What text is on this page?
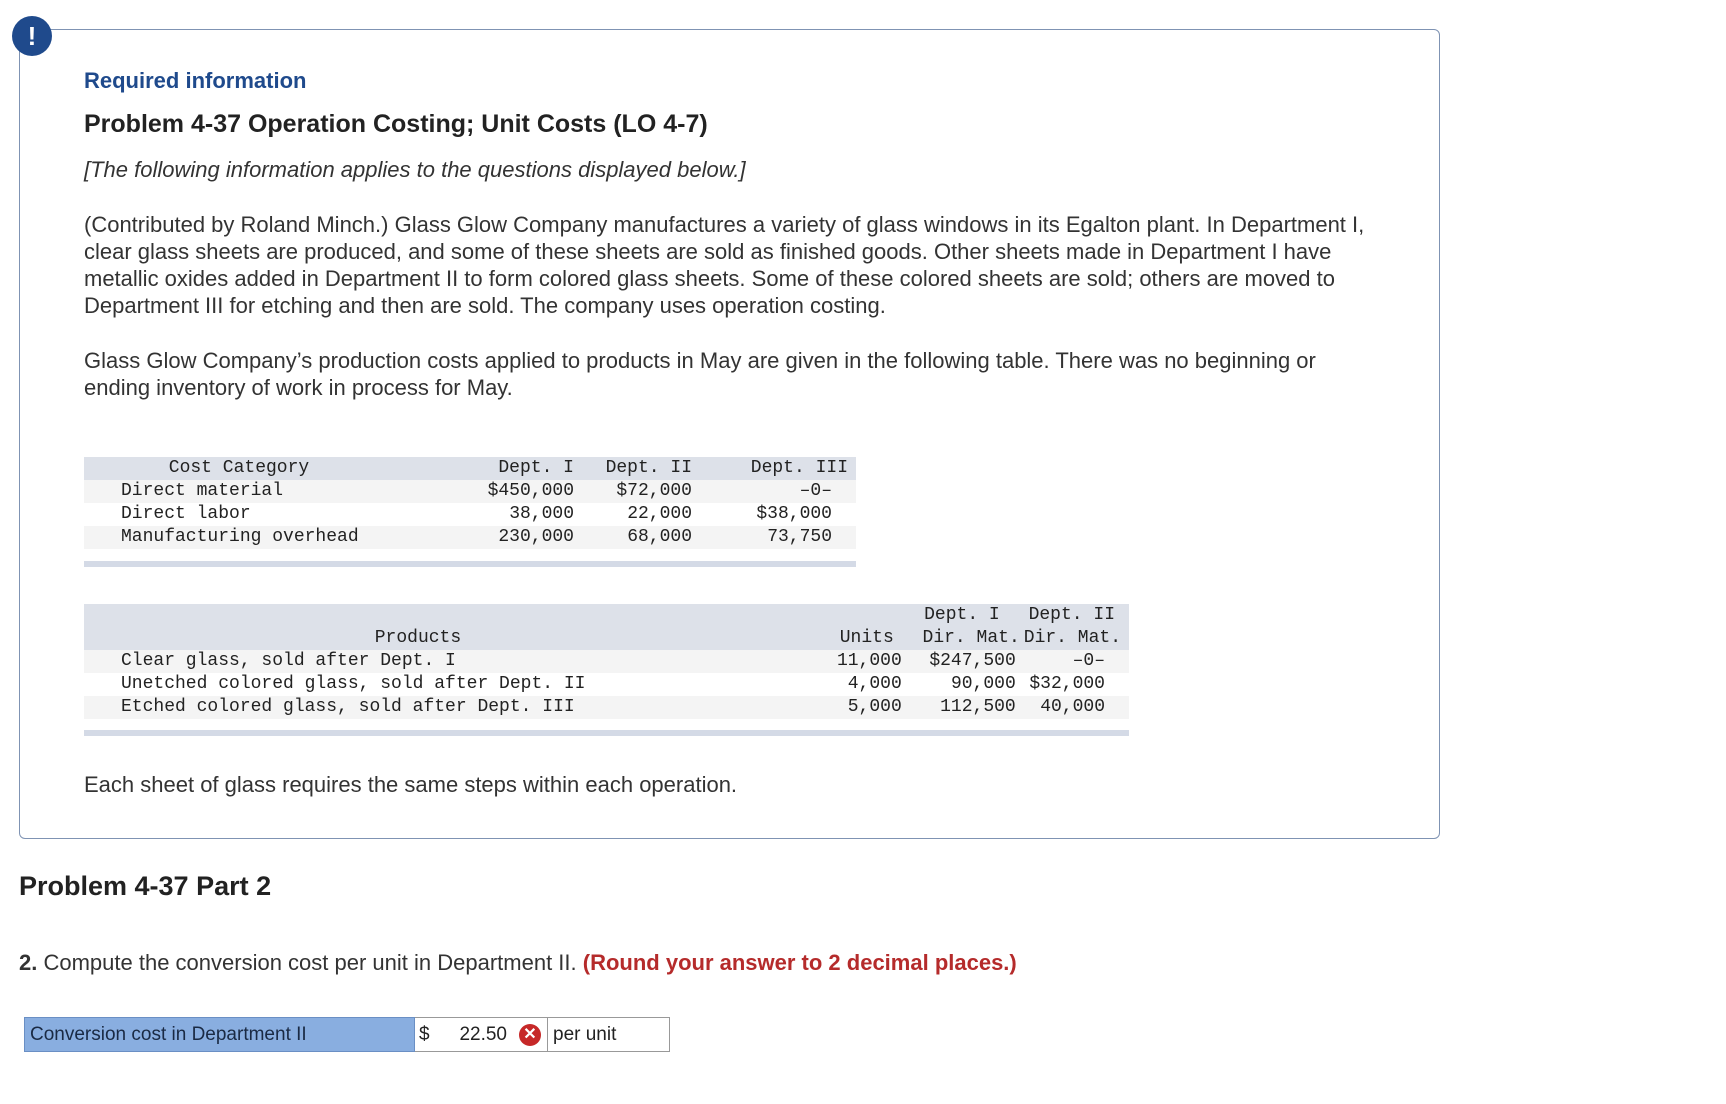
!
Required information
Problem 4-37 Operation Costing; Unit Costs (LO 4-7)
[The following information applies to the questions displayed below.]
(Contributed by Roland Minch.) Glass Glow Company manufactures a variety of glass windows in its Egalton plant. In Department I, clear glass sheets are produced, and some of these sheets are sold as finished goods. Other sheets made in Department I have metallic oxides added in Department II to form colored glass sheets. Some of these colored sheets are sold; others are moved to Department III for etching and then are sold. The company uses operation costing.
Glass Glow Company’s production costs applied to products in May are given in the following table. There was no beginning or ending inventory of work in process for May.
Cost Category	Dept. I	Dept. II	Dept. III
Direct material	$450,000	$72,000	–0–
Direct labor	38,000	22,000	$38,000
Manufacturing overhead	230,000	68,000	73,750
		Dept. I	Dept. II
Products	Units	Dir. Mat.	Dir. Mat.
Clear glass, sold after Dept. I	11,000	$247,500	–0–
Unetched colored glass, sold after Dept. II	4,000	90,000	$32,000
Etched colored glass, sold after Dept. III	5,000	112,500	40,000
Each sheet of glass requires the same steps within each operation.
Problem 4-37 Part 2
2. Compute the conversion cost per unit in Department II. (Round your answer to 2 decimal places.)
Conversion cost in Department II	$ 22.50 ✕ per unit
